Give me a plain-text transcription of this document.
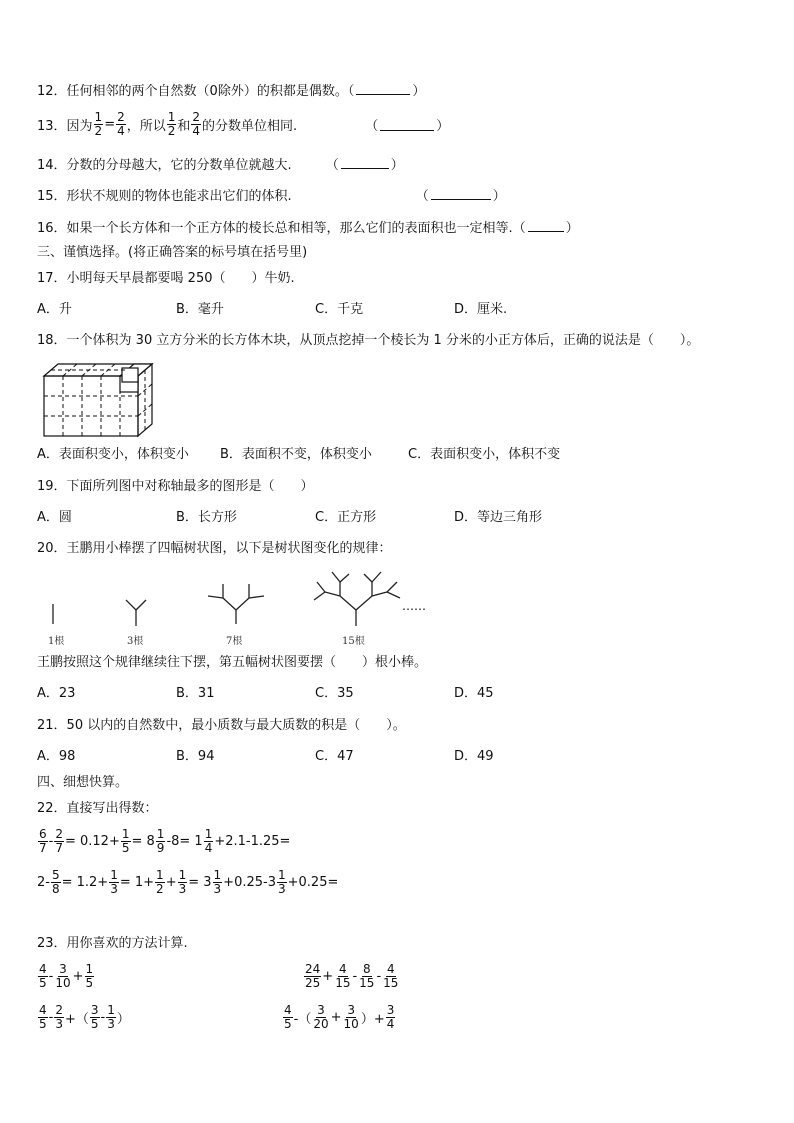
12．任何相邻的两个自然数（0除外）的积都是偶数。（	）
13．因为 $\frac{1}{2} = \frac{2}{4}$ ，所以 $\frac{1}{2}$ 和 $\frac{2}{4}$ 的分数单位相同.	（	）
14．分数的分母越大，它的分数单位就越大.	（	）
15．形状不规则的物体也能求出它们的体积.	（	）
16．如果一个长方体和一个正方体的棱长总和相等，那么它们的表面积也一定相等.（	）
三、谨慎选择。(将正确答案的标号填在括号里)
17．小明每天早晨都要喝 250（　　）牛奶.
A．升	B．毫升	C．千克	D．厘米.
18．一个体积为 30 立方分米的长方体木块，从顶点挖掉一个棱长为 1 分米的小正方体后，正确的说法是（　　）。
A．表面积变小，体积变小 B．表面积不变，体积变小	C．表面积变小，体积不变
19．下面所列图中对称轴最多的图形是（　　）
A．圆	B．长方形	C．正方形	D．等边三角形
20．王鹏用小棒摆了四幅树状图，以下是树状图变化的规律：
1根	3根	7根	15根
……
王鹏按照这个规律继续往下摆，第五幅树状图要摆（　　）根小棒。
A．23	B．31	C．35	D．45
21．50 以内的自然数中，最小质数与最大质数的积是（　　）。
A．98	B．94	C．47	D．49
四、细想快算。
22．直接写出得数：
$\frac{6}{7} - \frac{2}{7} = 0.12+ \frac{1}{5} = 8 \frac{1}{9} -8= 1 \frac{1}{4} +2.1-1.25=$
$2- \frac{5}{8} = 1.2+ \frac{1}{3} = 1+ \frac{1}{2} + \frac{1}{3} = 3 \frac{1}{3} +0.25-3 \frac{1}{3} +0.25=$
23．用你喜欢的方法计算.
$\frac{4}{5} - \frac{3}{10} + \frac{1}{5}$	$\frac{24}{25} + \frac{4}{15} - \frac{8}{15} - \frac{4}{15}$
$\frac{4}{5} - \frac{2}{3}$ +（ $\frac{3}{5} - \frac{1}{3}$ ）	$\frac{4}{5}$ -（ $\frac{3}{20} + \frac{3}{10}$ ）+ $\frac{3}{4}$
